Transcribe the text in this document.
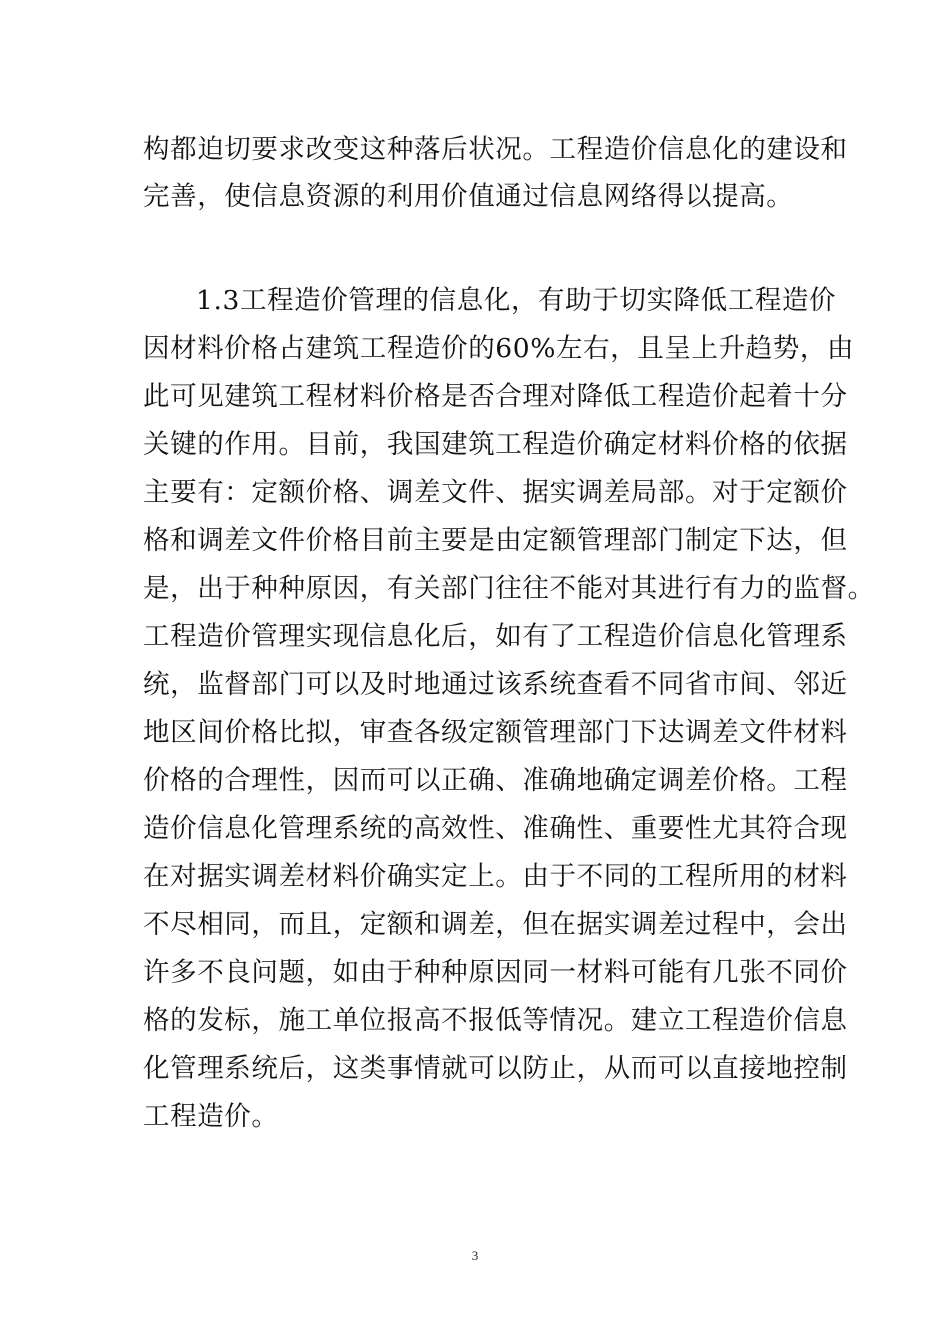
构都迫切要求改变这种落后状况。工程造价信息化的建设和
完善，使信息资源的利用价值通过信息网络得以提高。
1.3工程造价管理的信息化，有助于切实降低工程造价
因材料价格占建筑工程造价的60%左右，且呈上升趋势，由
此可见建筑工程材料价格是否合理对降低工程造价起着十分
关键的作用。目前，我国建筑工程造价确定材料价格的依据
主要有：定额价格、调差文件、据实调差局部。对于定额价
格和调差文件价格目前主要是由定额管理部门制定下达，但
是，出于种种原因，有关部门往往不能对其进行有力的监督。
工程造价管理实现信息化后，如有了工程造价信息化管理系
统，监督部门可以及时地通过该系统查看不同省市间、邻近
地区间价格比拟，审查各级定额管理部门下达调差文件材料
价格的合理性，因而可以正确、准确地确定调差价格。工程
造价信息化管理系统的高效性、准确性、重要性尤其符合现
在对据实调差材料价确实定上。由于不同的工程所用的材料
不尽相同，而且，定额和调差，但在据实调差过程中，会出
许多不良问题，如由于种种原因同一材料可能有几张不同价
格的发标，施工单位报高不报低等情况。建立工程造价信息
化管理系统后，这类事情就可以防止，从而可以直接地控制
工程造价。
3
